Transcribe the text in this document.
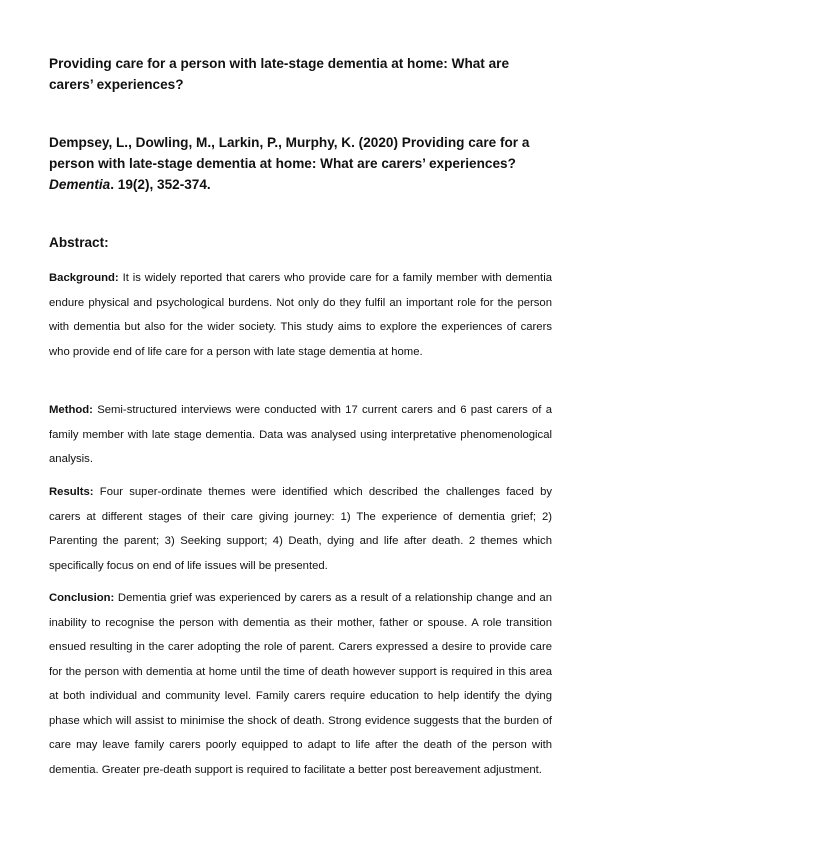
Providing care for a person with late-stage dementia at home: What are carers’ experiences?

Dempsey, L., Dowling, M., Larkin, P., Murphy, K. (2020) Providing care for a person with late-stage dementia at home: What are carers’ experiences? Dementia. 19(2), 352-374.

Abstract:

Background: It is widely reported that carers who provide care for a family member with dementia endure physical and psychological burdens. Not only do they fulfil an important role for the person with dementia but also for the wider society. This study aims to explore the experiences of carers who provide end of life care for a person with late stage dementia at home.

Method: Semi-structured interviews were conducted with 17 current carers and 6 past carers of a family member with late stage dementia. Data was analysed using interpretative phenomenological analysis.

Results: Four super-ordinate themes were identified which described the challenges faced by carers at different stages of their care giving journey: 1) The experience of dementia grief; 2) Parenting the parent; 3) Seeking support; 4) Death, dying and life after death. 2 themes which specifically focus on end of life issues will be presented.

Conclusion: Dementia grief was experienced by carers as a result of a relationship change and an inability to recognise the person with dementia as their mother, father or spouse. A role transition ensued resulting in the carer adopting the role of parent. Carers expressed a desire to provide care for the person with dementia at home until the time of death however support is required in this area at both individual and community level. Family carers require education to help identify the dying phase which will assist to minimise the shock of death. Strong evidence suggests that the burden of care may leave family carers poorly equipped to adapt to life after the death of the person with dementia. Greater pre-death support is required to facilitate a better post bereavement adjustment.
